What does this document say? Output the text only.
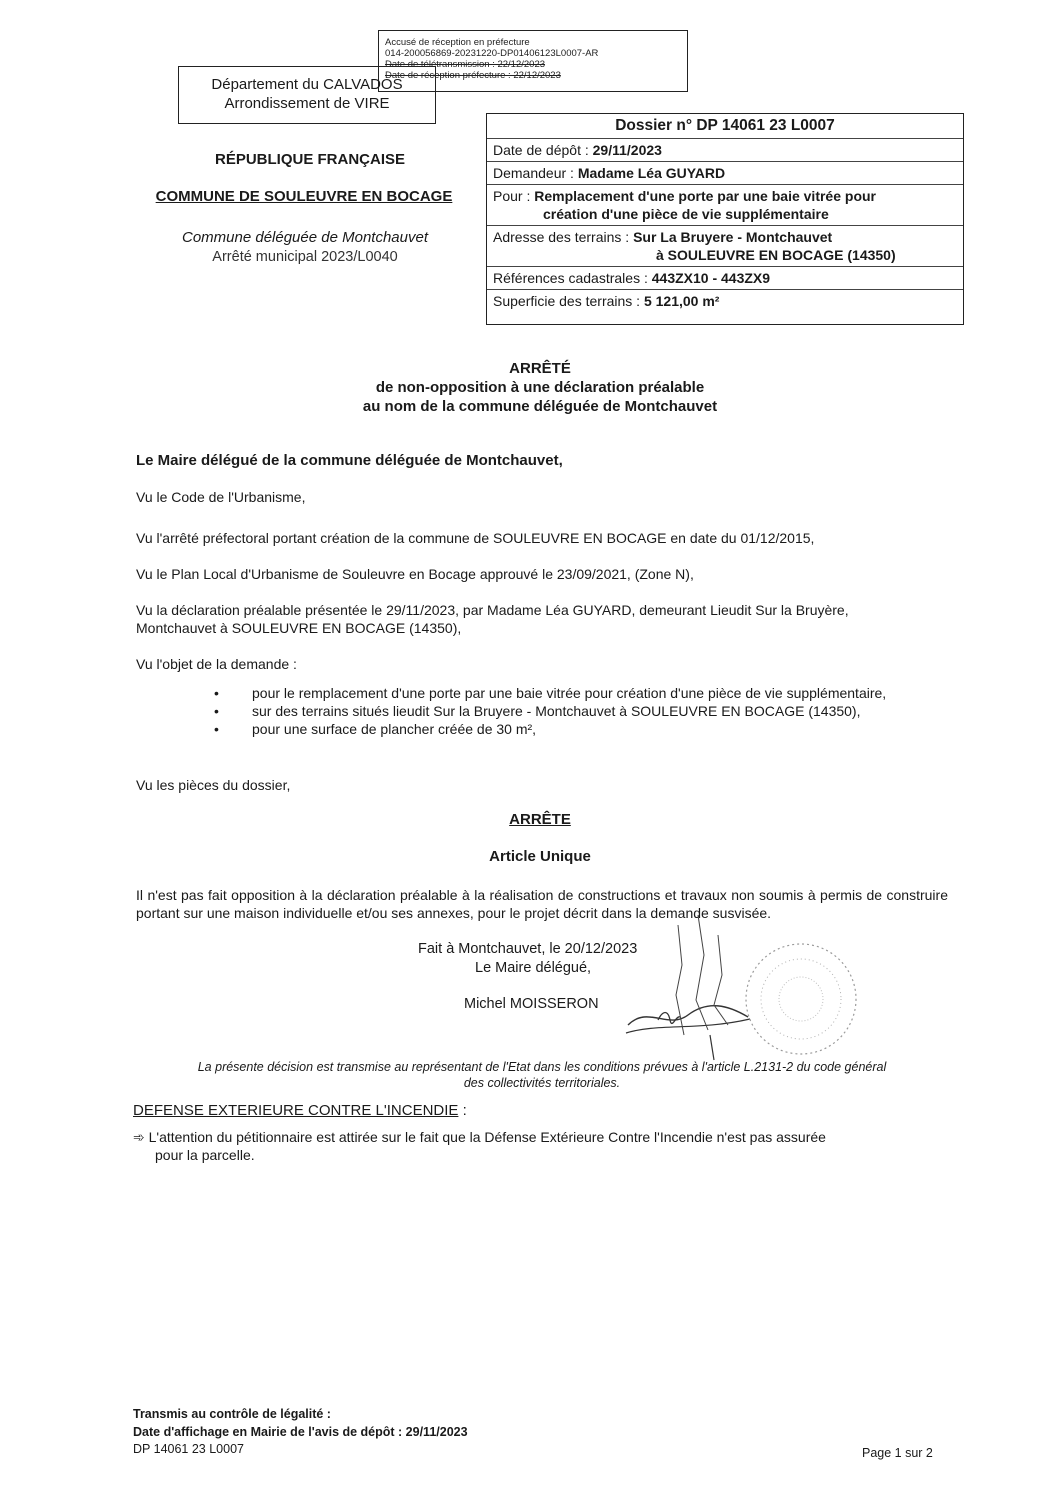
Accusé de réception en préfecture
014-200056869-20231220-DP01406123L0007-AR
Date de télétransmission : 22/12/2023
Date de réception préfecture : 22/12/2023
Département du CALVADOS
Arrondissement de VIRE
RÉPUBLIQUE FRANÇAISE
COMMUNE DE SOULEUVRE EN BOCAGE
Commune déléguée de Montchauvet
Arrêté municipal 2023/L0040
Dossier n° DP 14061 23 L0007
Date de dépôt : 29/11/2023
Demandeur : Madame Léa GUYARD
Pour : Remplacement d'une porte par une baie vitrée pour
création d'une pièce de vie supplémentaire
Adresse des terrains : Sur La Bruyere - Montchauvet
à SOULEUVRE EN BOCAGE (14350)
Références cadastrales : 443ZX10 - 443ZX9
Superficie des terrains : 5 121,00 m²
ARRÊTÉ
de non-opposition à une déclaration préalable
au nom de la commune déléguée de Montchauvet
Le Maire délégué de la commune déléguée de Montchauvet,
Vu le Code de l'Urbanisme,
Vu l'arrêté préfectoral portant création de la commune de SOULEUVRE EN BOCAGE en date du 01/12/2015,
Vu le Plan Local d'Urbanisme de Souleuvre en Bocage approuvé le 23/09/2021, (Zone N),
Vu la déclaration préalable présentée le 29/11/2023, par Madame Léa GUYARD, demeurant Lieudit Sur la Bruyère,
Montchauvet à SOULEUVRE EN BOCAGE (14350),
Vu l'objet de la demande :
• pour le remplacement d'une porte par une baie vitrée pour création d'une pièce de vie supplémentaire,
• sur des terrains situés lieudit Sur la Bruyere - Montchauvet à SOULEUVRE EN BOCAGE (14350),
• pour une surface de plancher créée de 30 m²,
Vu les pièces du dossier,
ARRÊTE
Article Unique
Il n'est pas fait opposition à la déclaration préalable à la réalisation de constructions et travaux non soumis à permis de construire portant sur une maison individuelle et/ou ses annexes, pour le projet décrit dans la demande susvisée.
Fait à Montchauvet, le 20/12/2023
Le Maire délégué,
Michel MOISSERON
La présente décision est transmise au représentant de l'Etat dans les conditions prévues à l'article L.2131-2 du code général
des collectivités territoriales.
DEFENSE EXTERIEURE CONTRE L'INCENDIE :
➾ L'attention du pétitionnaire est attirée sur le fait que la Défense Extérieure Contre l'Incendie n'est pas assurée
pour la parcelle.
Transmis au contrôle de légalité :
Date d'affichage en Mairie de l'avis de dépôt : 29/11/2023
DP 14061 23 L0007	Page 1 sur 2
